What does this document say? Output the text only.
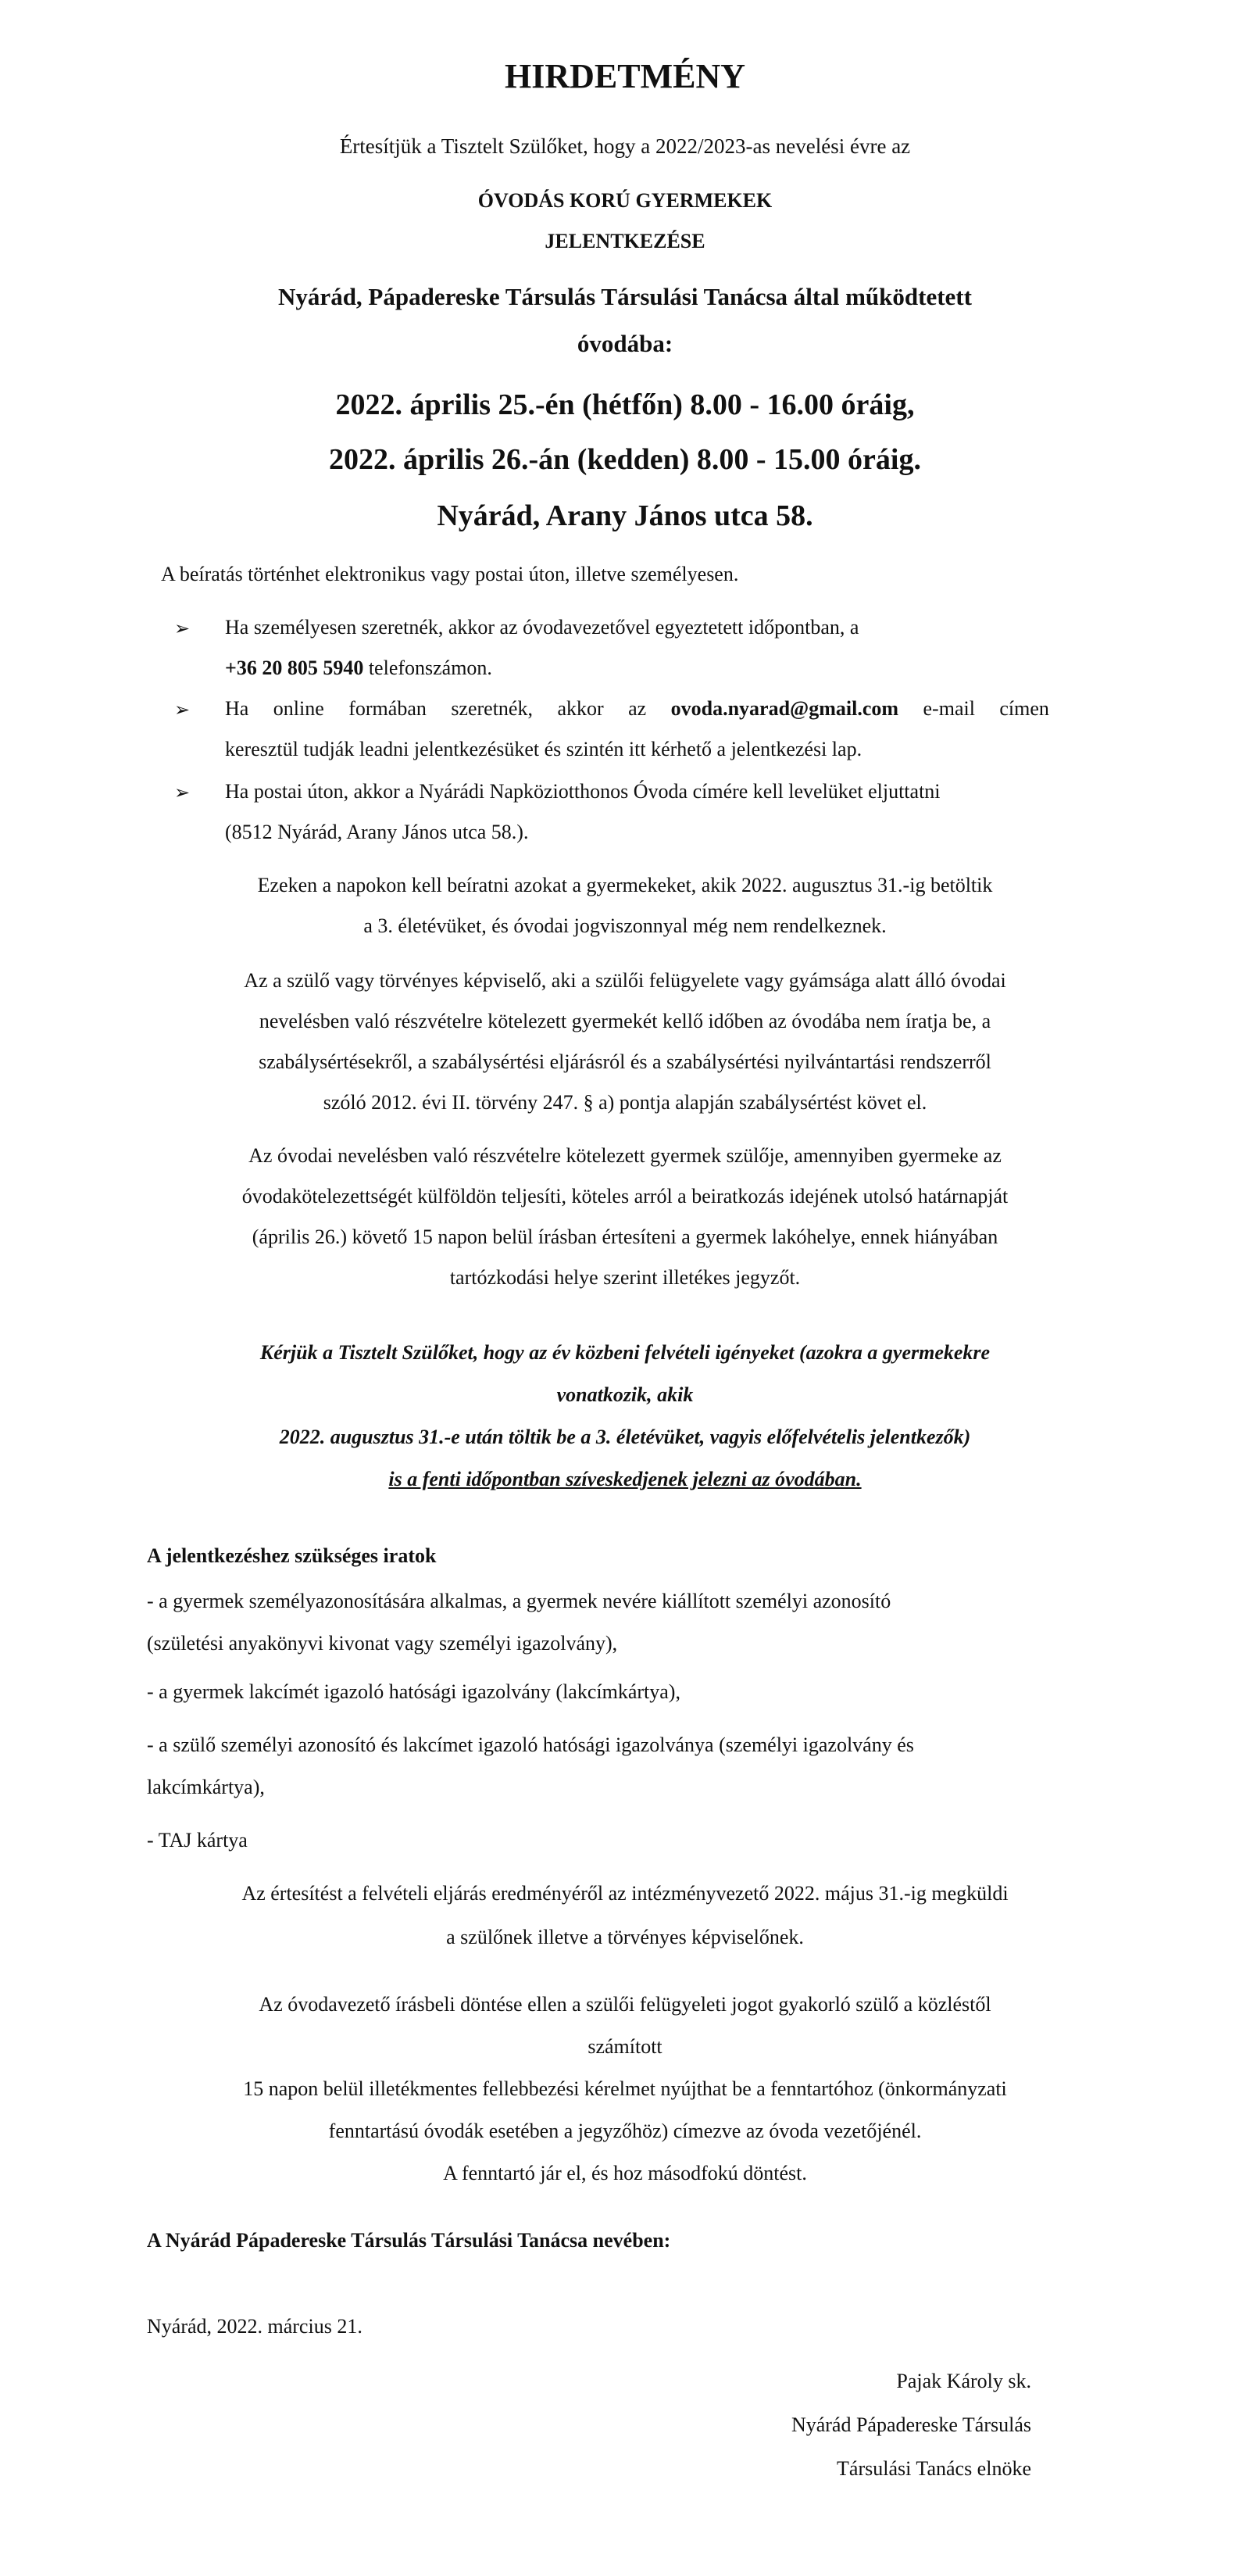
HIRDETMÉNY
Értesítjük a Tisztelt Szülőket, hogy a 2022/2023-as nevelési évre az
ÓVODÁS KORÚ GYERMEKEK
JELENTKEZÉSE
Nyárád, Pápadereske Társulás Társulási Tanácsa által működtetett
óvodába:
2022. április 25.-én (hétfőn) 8.00 - 16.00 óráig,
2022. április 26.-án (kedden) 8.00 - 15.00 óráig.
Nyárád, Arany János utca 58.
A beíratás történhet elektronikus vagy postai úton, illetve személyesen.
➢ Ha személyesen szeretnék, akkor az óvodavezetővel egyeztetett időpontban, a
+36 20 805 5940 telefonszámon.
➢ Ha online formában szeretnék, akkor az ovoda.nyarad@gmail.com e-mail címen
keresztül tudják leadni jelentkezésüket és szintén itt kérhető a jelentkezési lap.
➢ Ha postai úton, akkor a Nyárádi Napköziotthonos Óvoda címére kell levelüket eljuttatni
(8512 Nyárád, Arany János utca 58.).
Ezeken a napokon kell beíratni azokat a gyermekeket, akik 2022. augusztus 31.-ig betöltik
a 3. életévüket, és óvodai jogviszonnyal még nem rendelkeznek.
Az a szülő vagy törvényes képviselő, aki a szülői felügyelete vagy gyámsága alatt álló óvodai
nevelésben való részvételre kötelezett gyermekét kellő időben az óvodába nem íratja be, a
szabálysértésekről, a szabálysértési eljárásról és a szabálysértési nyilvántartási rendszerről
szóló 2012. évi II. törvény 247. § a) pontja alapján szabálysértést követ el.
Az óvodai nevelésben való részvételre kötelezett gyermek szülője, amennyiben gyermeke az
óvodakötelezettségét külföldön teljesíti, köteles arról a beiratkozás idejének utolsó határnapját
(április 26.) követő 15 napon belül írásban értesíteni a gyermek lakóhelye, ennek hiányában
tartózkodási helye szerint illetékes jegyzőt.
Kérjük a Tisztelt Szülőket, hogy az év közbeni felvételi igényeket (azokra a gyermekekre
vonatkozik, akik
2022. augusztus 31.-e után töltik be a 3. életévüket, vagyis előfelvételis jelentkezők)
is a fenti időpontban szíveskedjenek jelezni az óvodában.
A jelentkezéshez szükséges iratok
- a gyermek személyazonosítására alkalmas, a gyermek nevére kiállított személyi azonosító
(születési anyakönyvi kivonat vagy személyi igazolvány),
- a gyermek lakcímét igazoló hatósági igazolvány (lakcímkártya),
- a szülő személyi azonosító és lakcímet igazoló hatósági igazolványa (személyi igazolvány és
lakcímkártya),
- TAJ kártya
Az értesítést a felvételi eljárás eredményéről az intézményvezető 2022. május 31.-ig megküldi
a szülőnek illetve a törvényes képviselőnek.
Az óvodavezető írásbeli döntése ellen a szülői felügyeleti jogot gyakorló szülő a közléstől
számított
15 napon belül illetékmentes fellebbezési kérelmet nyújthat be a fenntartóhoz (önkormányzati
fenntartású óvodák esetében a jegyzőhöz) címezve az óvoda vezetőjénél.
A fenntartó jár el, és hoz másodfokú döntést.
A Nyárád Pápadereske Társulás Társulási Tanácsa nevében:
Nyárád, 2022. március 21.
Pajak Károly sk.
Nyárád Pápadereske Társulás
Társulási Tanács elnöke
